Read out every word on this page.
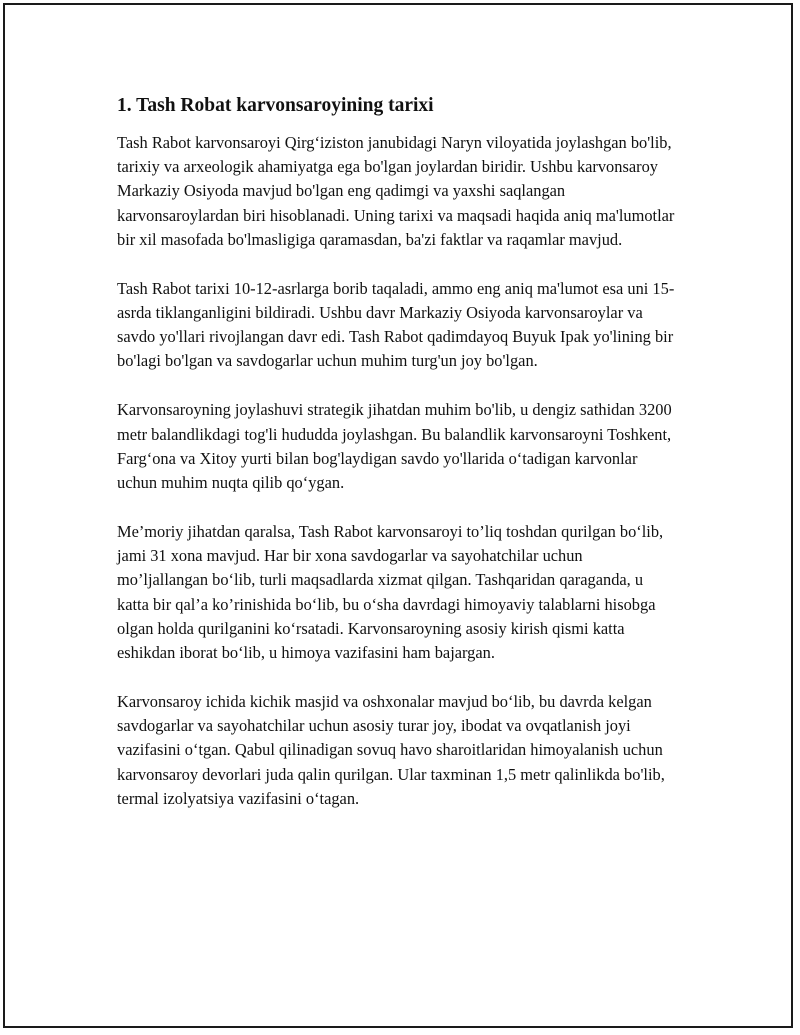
1. Tash Robat karvonsaroyining tarixi

Tash Rabot karvonsaroyi Qirg‘iziston janubidagi Naryn viloyatida joylashgan bo'lib, tarixiy va arxeologik ahamiyatga ega bo'lgan joylardan biridir. Ushbu karvonsaroy Markaziy Osiyoda mavjud bo'lgan eng qadimgi va yaxshi saqlangan karvonsaroylardan biri hisoblanadi. Uning tarixi va maqsadi haqida aniq ma'lumotlar bir xil masofada bo'lmasligiga qaramasdan, ba'zi faktlar va raqamlar mavjud.

Tash Rabot tarixi 10-12-asrlarga borib taqaladi, ammo eng aniq ma'lumot esa uni 15-asrda tiklanganligini bildiradi. Ushbu davr Markaziy Osiyoda karvonsaroylar va savdo yo'llari rivojlangan davr edi. Tash Rabot qadimdayoq Buyuk Ipak yo'lining bir bo'lagi bo'lgan va savdogarlar uchun muhim turg'un joy bo'lgan.

Karvonsaroyning joylashuvi strategik jihatdan muhim bo'lib, u dengiz sathidan 3200 metr balandlikdagi tog'li hududda joylashgan. Bu balandlik karvonsaroyni Toshkent, Farg‘ona va Xitoy yurti bilan bog'laydigan savdo yo'llarida o‘tadigan karvonlar uchun muhim nuqta qilib qo‘ygan.

Me’moriy jihatdan qaralsa, Tash Rabot karvonsaroyi to’liq toshdan qurilgan bo‘lib, jami 31 xona mavjud. Har bir xona savdogarlar va sayohatchilar uchun mo’ljallangan bo‘lib, turli maqsadlarda xizmat qilgan. Tashqaridan qaraganda, u katta bir qal’a ko’rinishida bo‘lib, bu o‘sha davrdagi himoyaviy talablarni hisobga olgan holda qurilganini ko‘rsatadi. Karvonsaroyning asosiy kirish qismi katta eshikdan iborat bo‘lib, u himoya vazifasini ham bajargan.

Karvonsaroy ichida kichik masjid va oshxonalar mavjud bo‘lib, bu davrda kelgan savdogarlar va sayohatchilar uchun asosiy turar joy, ibodat va ovqatlanish joyi vazifasini o‘tgan. Qabul qilinadigan sovuq havo sharoitlaridan himoyalanish uchun karvonsaroy devorlari juda qalin qurilgan. Ular taxminan 1,5 metr qalinlikda bo'lib, termal izolyatsiya vazifasini o‘tagan.
